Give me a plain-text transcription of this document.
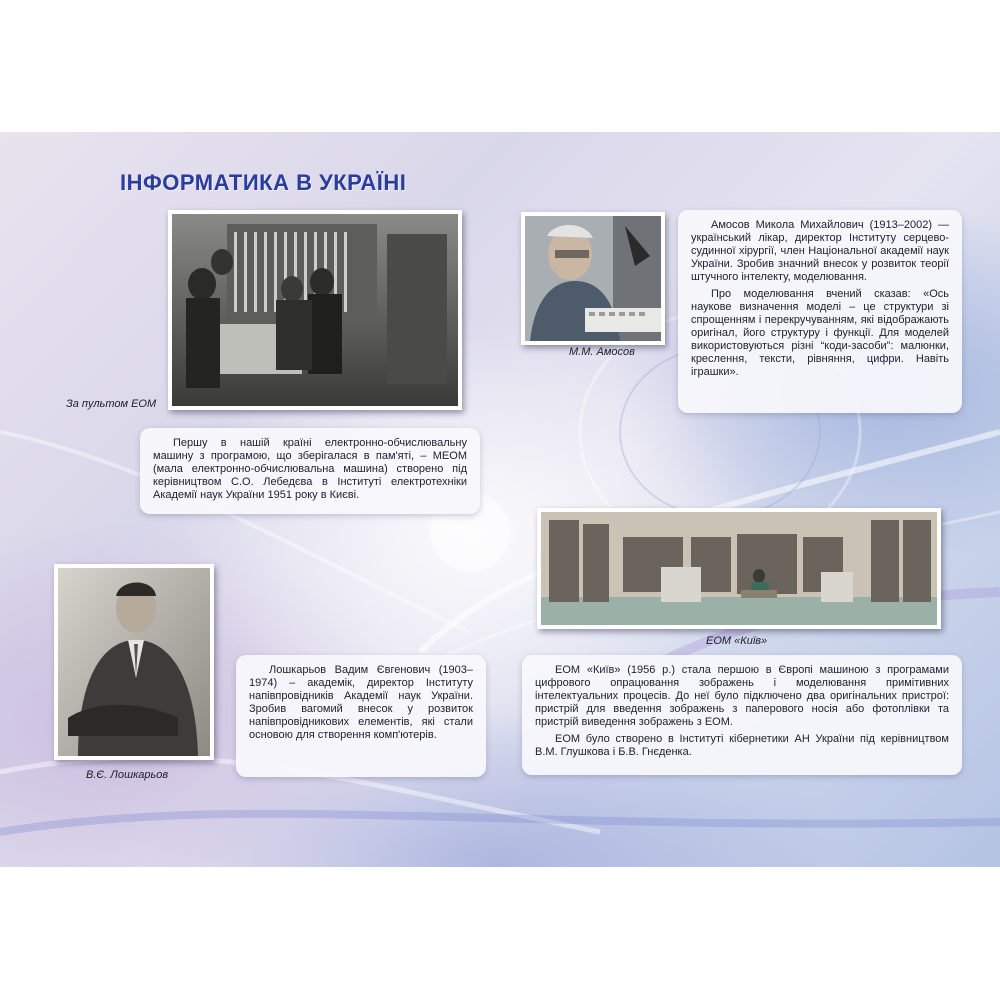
ІНФОРМАТИКА В УКРАЇНІ
За пультом ЕОМ
М.М. Амосов

Амосов Микола Михайлович (1913–2002) — український лікар, директор Інституту серцево-судинної хірургії, член Національної академії наук України. Зробив значний внесок у розвиток теорії штучного інтелекту, моделювання.

Про моделювання вчений сказав: «Ось наукове визначення моделі – це структури зі спрощенням і перекручуванням, які відображають оригінал, його структуру і функції. Для моделей використовуються різні “коди-засоби”: малюнки, креслення, тексти, рівняння, цифри. Навіть іграшки».

Першу в нашій країні електронно-обчислювальну машину з програмою, що зберігалася в пам'яті, – МЕОМ (мала електронно-обчислювальна машина) створено під керівництвом С.О. Лебедєва в Інституті електротехніки Академії наук України 1951 року в Києві.

ЕОМ «Київ»
В.Є. Лошкарьов

Лошкарьов Вадим Євгенович (1903–1974) – академік, директор Інституту напівпровідників Академії наук України. Зробив вагомий внесок у розвиток напівпровідникових елементів, які стали основою для створення комп'ютерів.

ЕОМ «Київ» (1956 р.) стала першою в Європі машиною з програмами цифрового опрацювання зображень і моделювання примітивних інтелектуальних процесів. До неї було підключено два оригінальних пристрої: пристрій для введення зображень з паперового носія або фотоплівки та пристрій виведення зображень з ЕОМ.

ЕОМ було створено в Інституті кібернетики АН України під керівництвом В.М. Глушкова і Б.В. Гнєденка.
